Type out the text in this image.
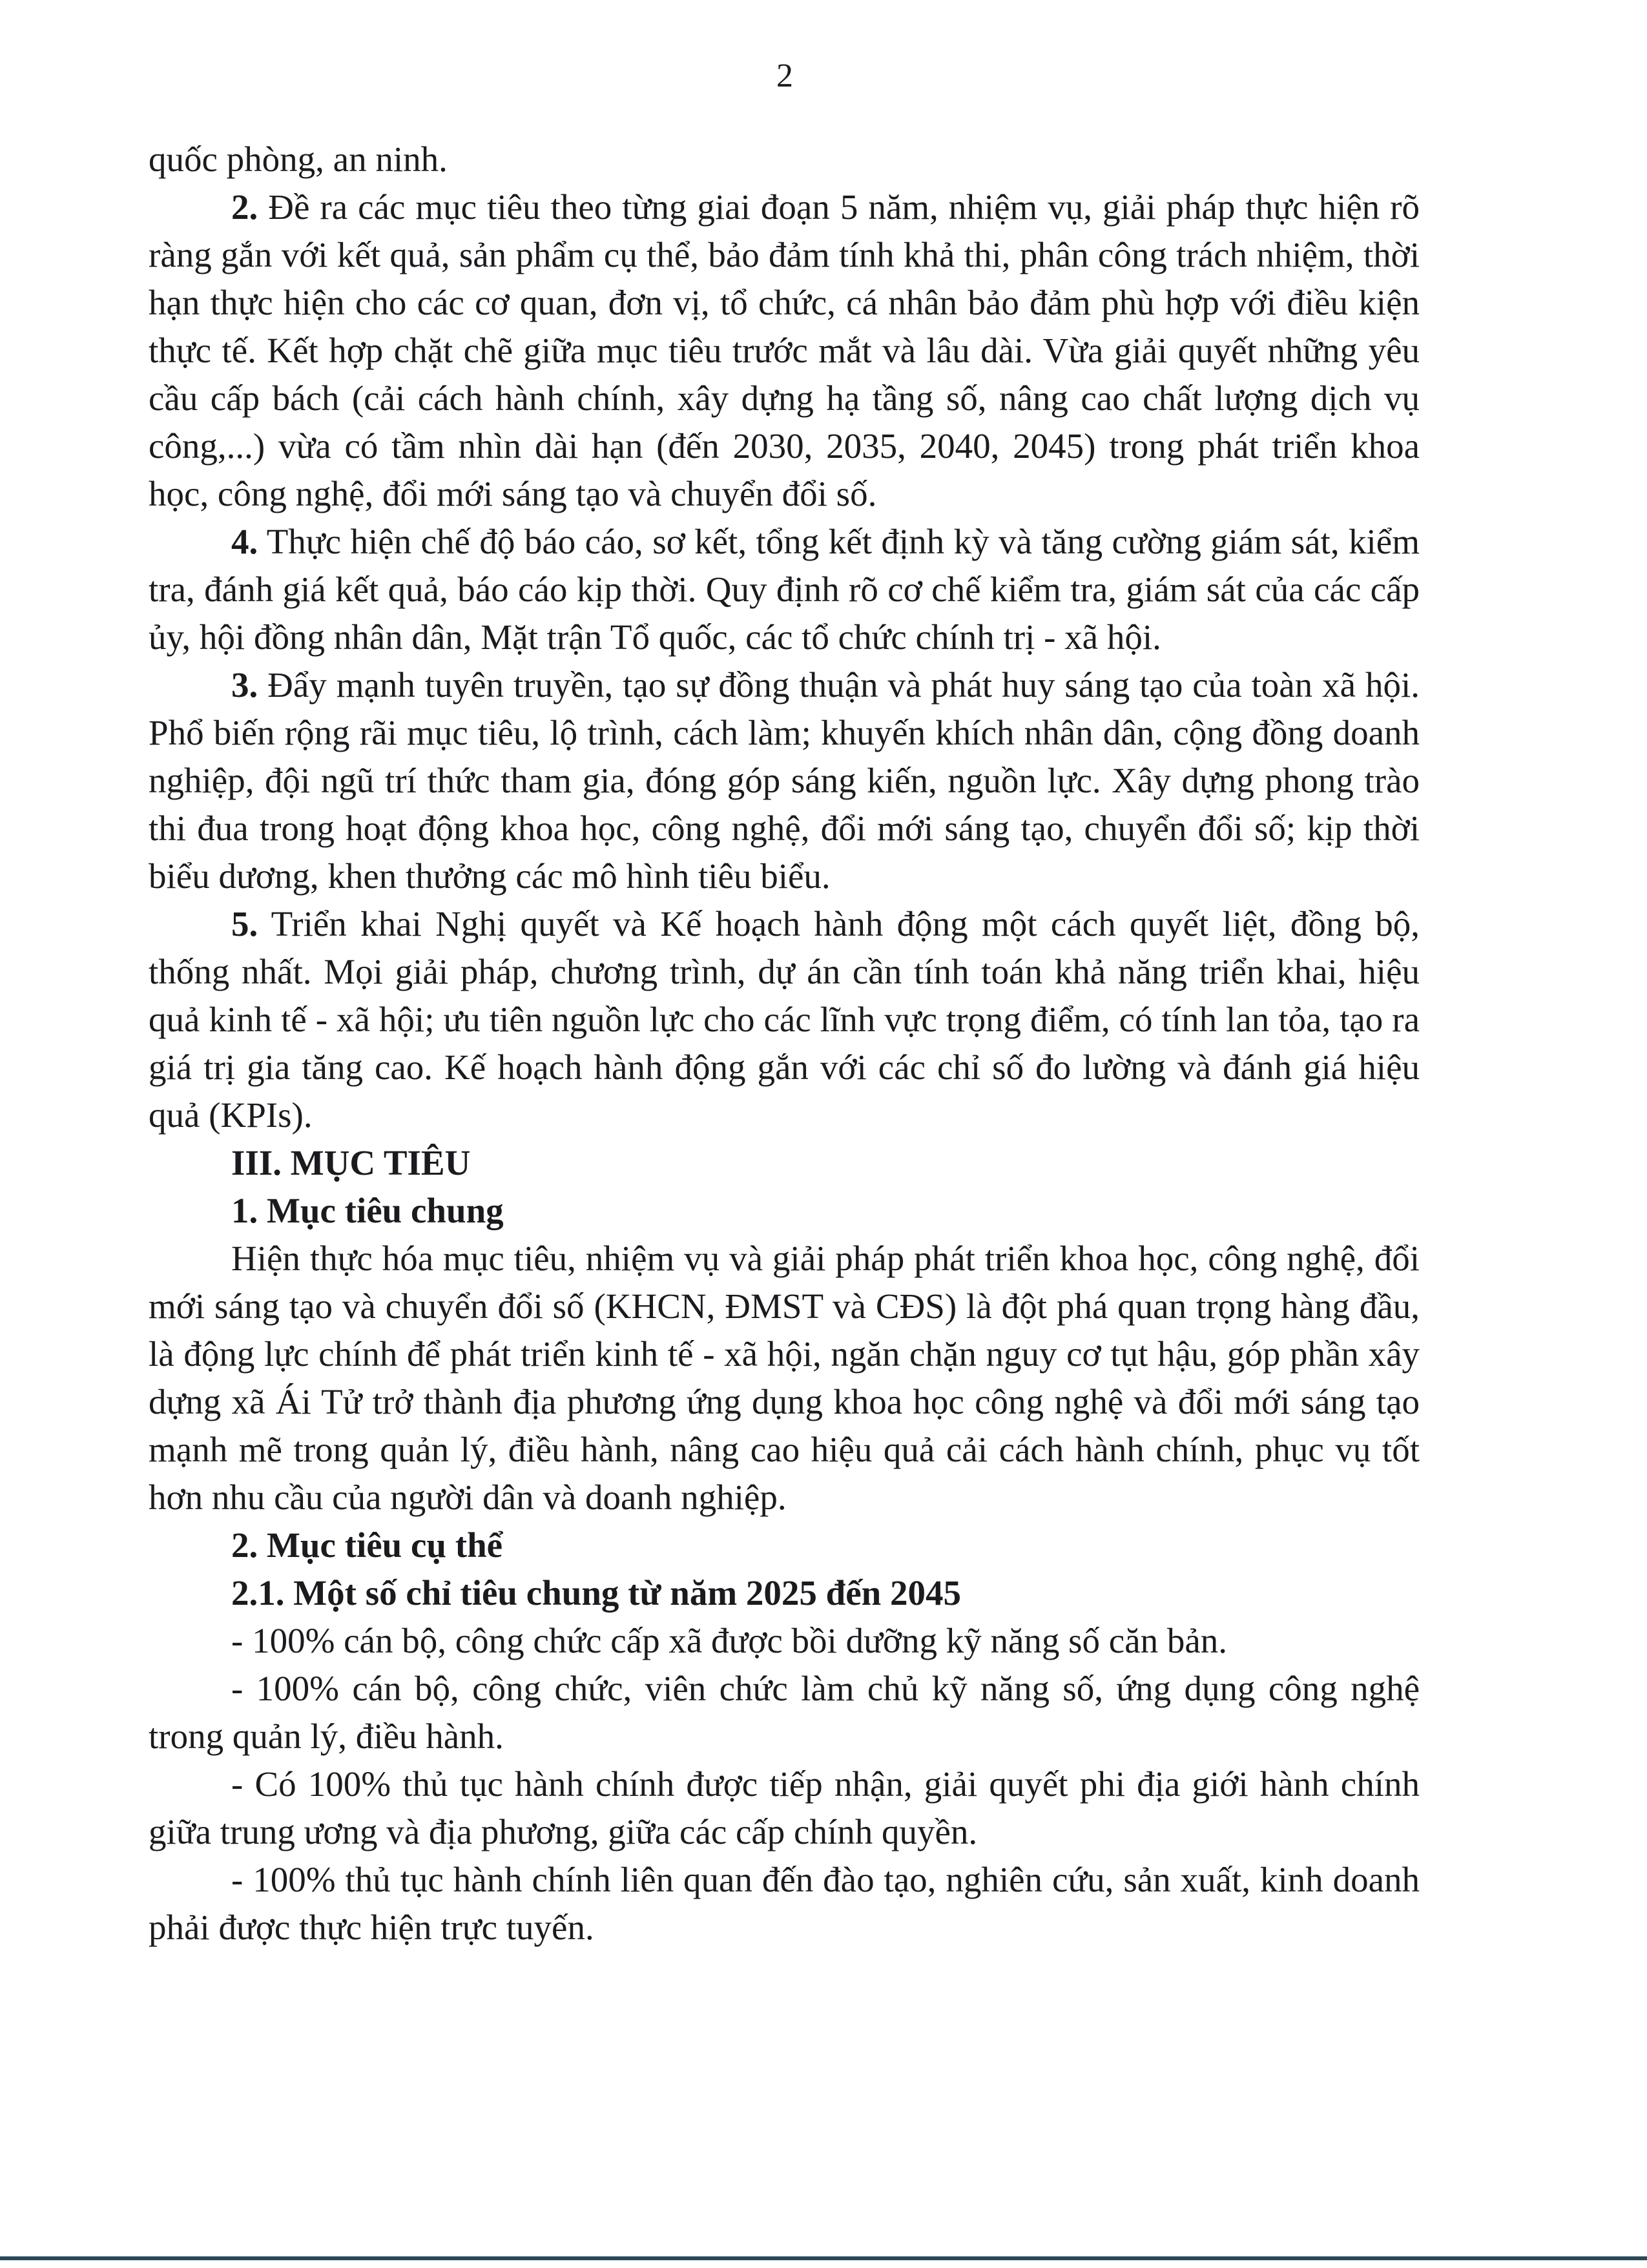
2

quốc phòng, an ninh.

2. Đề ra các mục tiêu theo từng giai đoạn 5 năm, nhiệm vụ, giải pháp thực hiện rõ ràng gắn với kết quả, sản phẩm cụ thể, bảo đảm tính khả thi, phân công trách nhiệm, thời hạn thực hiện cho các cơ quan, đơn vị, tổ chức, cá nhân bảo đảm phù hợp với điều kiện thực tế. Kết hợp chặt chẽ giữa mục tiêu trước mắt và lâu dài. Vừa giải quyết những yêu cầu cấp bách (cải cách hành chính, xây dựng hạ tầng số, nâng cao chất lượng dịch vụ công,...) vừa có tầm nhìn dài hạn (đến 2030, 2035, 2040, 2045) trong phát triển khoa học, công nghệ, đổi mới sáng tạo và chuyển đổi số.

4. Thực hiện chế độ báo cáo, sơ kết, tổng kết định kỳ và tăng cường giám sát, kiểm tra, đánh giá kết quả, báo cáo kịp thời. Quy định rõ cơ chế kiểm tra, giám sát của các cấp ủy, hội đồng nhân dân, Mặt trận Tổ quốc, các tổ chức chính trị - xã hội.

3. Đẩy mạnh tuyên truyền, tạo sự đồng thuận và phát huy sáng tạo của toàn xã hội. Phổ biến rộng rãi mục tiêu, lộ trình, cách làm; khuyến khích nhân dân, cộng đồng doanh nghiệp, đội ngũ trí thức tham gia, đóng góp sáng kiến, nguồn lực. Xây dựng phong trào thi đua trong hoạt động khoa học, công nghệ, đổi mới sáng tạo, chuyển đổi số; kịp thời biểu dương, khen thưởng các mô hình tiêu biểu.

5. Triển khai Nghị quyết và Kế hoạch hành động một cách quyết liệt, đồng bộ, thống nhất. Mọi giải pháp, chương trình, dự án cần tính toán khả năng triển khai, hiệu quả kinh tế - xã hội; ưu tiên nguồn lực cho các lĩnh vực trọng điểm, có tính lan tỏa, tạo ra giá trị gia tăng cao. Kế hoạch hành động gắn với các chỉ số đo lường và đánh giá hiệu quả (KPIs).

III. MỤC TIÊU

1. Mục tiêu chung

Hiện thực hóa mục tiêu, nhiệm vụ và giải pháp phát triển khoa học, công nghệ, đổi mới sáng tạo và chuyển đổi số (KHCN, ĐMST và CĐS) là đột phá quan trọng hàng đầu, là động lực chính để phát triển kinh tế - xã hội, ngăn chặn nguy cơ tụt hậu, góp phần xây dựng xã Ái Tử trở thành địa phương ứng dụng khoa học công nghệ và đổi mới sáng tạo mạnh mẽ trong quản lý, điều hành, nâng cao hiệu quả cải cách hành chính, phục vụ tốt hơn nhu cầu của người dân và doanh nghiệp.

2. Mục tiêu cụ thể

2.1. Một số chỉ tiêu chung từ năm 2025 đến 2045

- 100% cán bộ, công chức cấp xã được bồi dưỡng kỹ năng số căn bản.

- 100% cán bộ, công chức, viên chức làm chủ kỹ năng số, ứng dụng công nghệ trong quản lý, điều hành.

- Có 100% thủ tục hành chính được tiếp nhận, giải quyết phi địa giới hành chính giữa trung ương và địa phương, giữa các cấp chính quyền.

- 100% thủ tục hành chính liên quan đến đào tạo, nghiên cứu, sản xuất, kinh doanh phải được thực hiện trực tuyến.
